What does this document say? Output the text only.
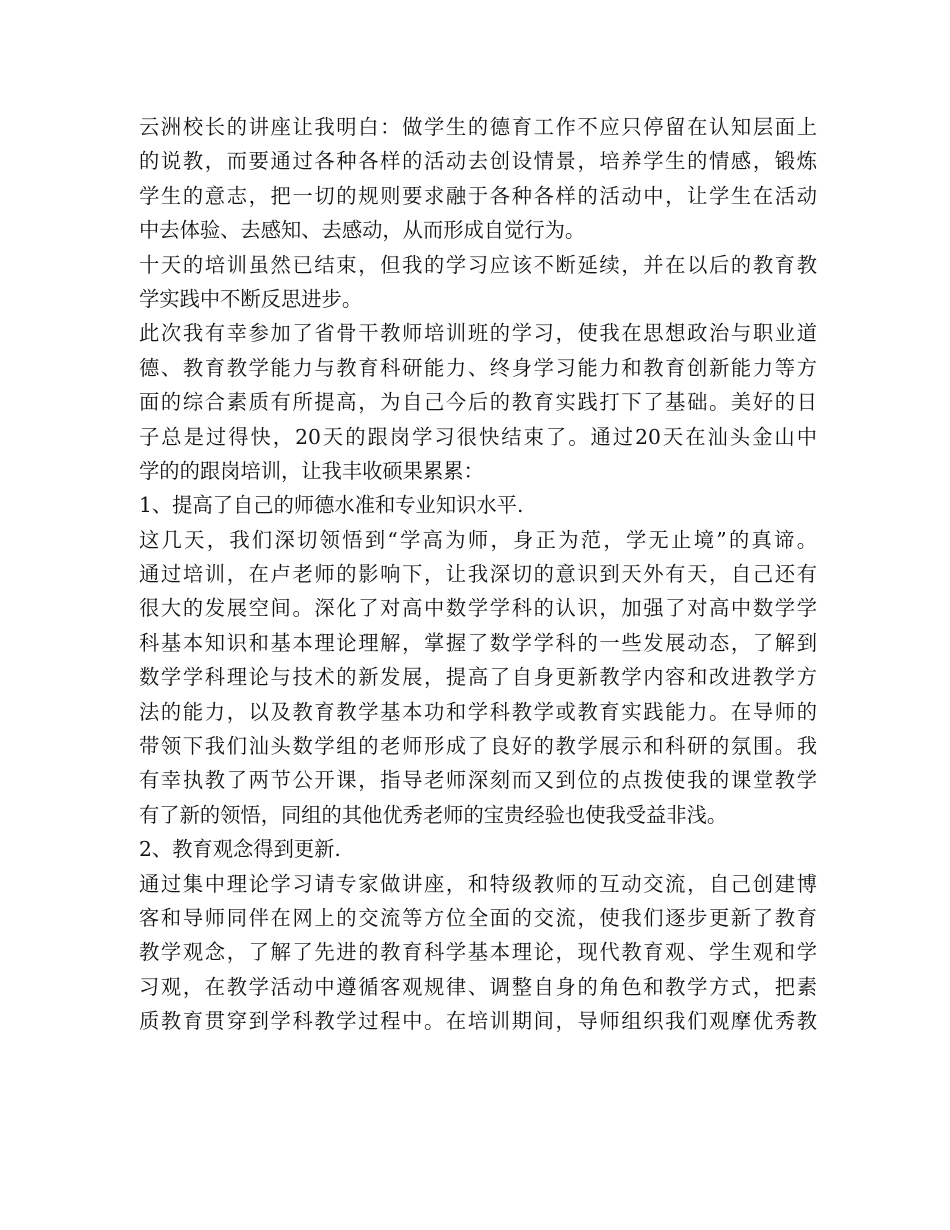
云洲校长的讲座让我明白：做学生的德育工作不应只停留在认知层面上
的说教，而要通过各种各样的活动去创设情景，培养学生的情感，锻炼
学生的意志，把一切的规则要求融于各种各样的活动中，让学生在活动
中去体验、去感知、去感动，从而形成自觉行为。
十天的培训虽然已结束，但我的学习应该不断延续，并在以后的教育教
学实践中不断反思进步。
此次我有幸参加了省骨干教师培训班的学习，使我在思想政治与职业道
德、教育教学能力与教育科研能力、终身学习能力和教育创新能力等方
面的综合素质有所提高，为自己今后的教育实践打下了基础。美好的日
子总是过得快，20天的跟岗学习很快结束了。通过20天在汕头金山中
学的的跟岗培训，让我丰收硕果累累：
1、提高了自己的师德水准和专业知识水平.
这几天，我们深切领悟到“学高为师，身正为范，学无止境”的真谛。
通过培训，在卢老师的影响下，让我深切的意识到天外有天，自己还有
很大的发展空间。深化了对高中数学学科的认识，加强了对高中数学学
科基本知识和基本理论理解，掌握了数学学科的一些发展动态，了解到
数学学科理论与技术的新发展，提高了自身更新教学内容和改进教学方
法的能力，以及教育教学基本功和学科教学或教育实践能力。在导师的
带领下我们汕头数学组的老师形成了良好的教学展示和科研的氛围。我
有幸执教了两节公开课，指导老师深刻而又到位的点拨使我的课堂教学
有了新的领悟，同组的其他优秀老师的宝贵经验也使我受益非浅。
2、教育观念得到更新.
通过集中理论学习请专家做讲座，和特级教师的互动交流，自己创建博
客和导师同伴在网上的交流等方位全面的交流，使我们逐步更新了教育
教学观念，了解了先进的教育科学基本理论，现代教育观、学生观和学
习观，在教学活动中遵循客观规律、调整自身的角色和教学方式，把素
质教育贯穿到学科教学过程中。在培训期间，导师组织我们观摩优秀教
